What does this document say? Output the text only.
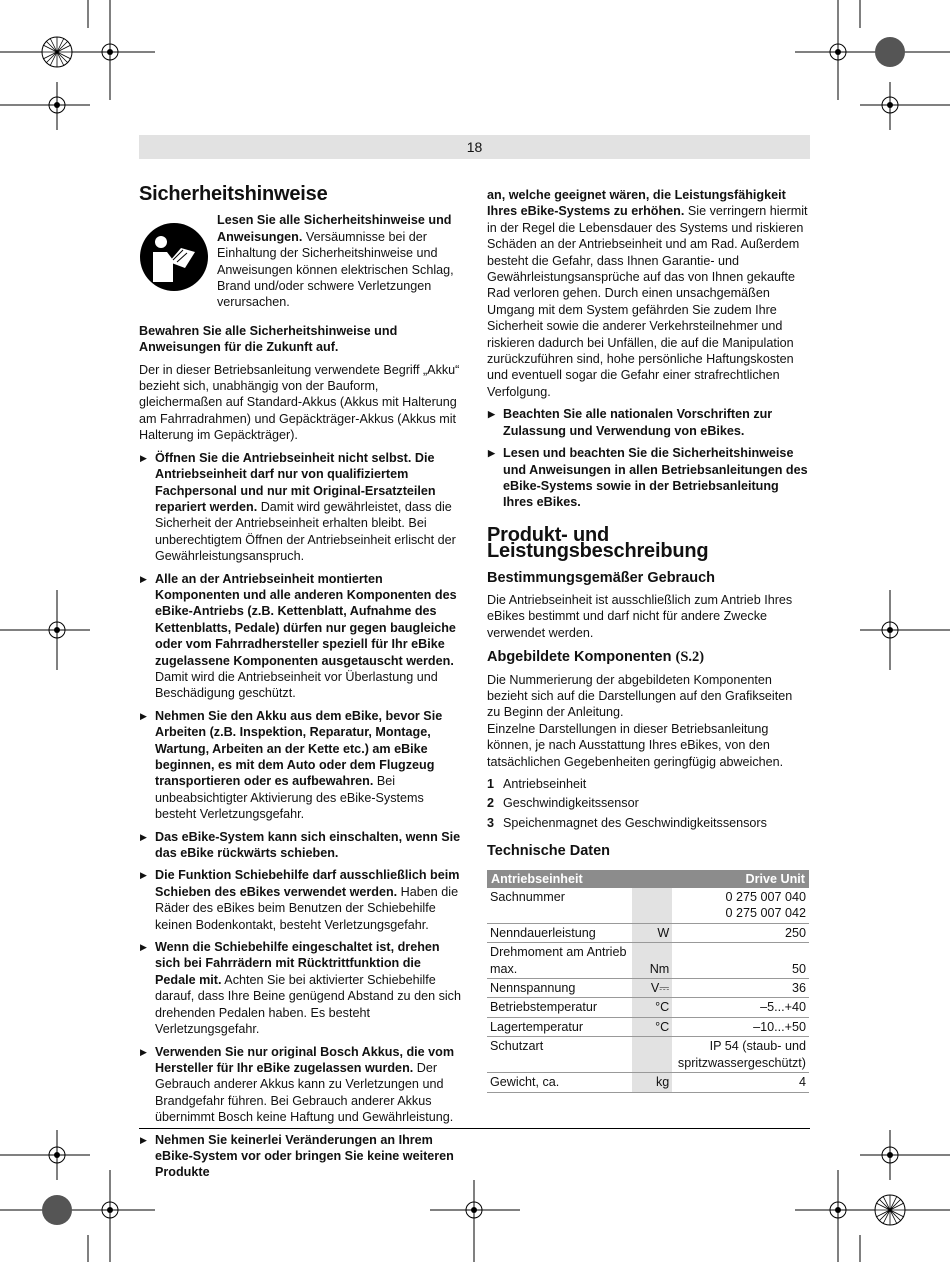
18
Sicherheitshinweise

Lesen Sie alle Sicherheitshinweise und Anweisungen. Versäumnisse bei der Einhaltung der Sicherheitshinweise und Anweisungen können elektrischen Schlag, Brand und/oder schwere Verletzungen verursachen.

Bewahren Sie alle Sicherheitshinweise und Anweisungen für die Zukunft auf.

Der in dieser Betriebsanleitung verwendete Begriff „Akku“ bezieht sich, unabhängig von der Bauform, gleichermaßen auf Standard-Akkus (Akkus mit Halterung am Fahrradrahmen) und Gepäckträger-Akkus (Akkus mit Halterung im Gepäckträger).

▶ Öffnen Sie die Antriebseinheit nicht selbst. Die Antriebseinheit darf nur von qualifiziertem Fachpersonal und nur mit Original-Ersatzteilen repariert werden. Damit wird gewährleistet, dass die Sicherheit der Antriebseinheit erhalten bleibt. Bei unberechtigtem Öffnen der Antriebseinheit erlischt der Gewährleistungsanspruch.
▶ Alle an der Antriebseinheit montierten Komponenten und alle anderen Komponenten des eBike-Antriebs (z.B. Kettenblatt, Aufnahme des Kettenblatts, Pedale) dürfen nur gegen baugleiche oder vom Fahrradhersteller speziell für Ihr eBike zugelassene Komponenten ausgetauscht werden. Damit wird die Antriebseinheit vor Überlastung und Beschädigung geschützt.
▶ Nehmen Sie den Akku aus dem eBike, bevor Sie Arbeiten (z.B. Inspektion, Reparatur, Montage, Wartung, Arbeiten an der Kette etc.) am eBike beginnen, es mit dem Auto oder dem Flugzeug transportieren oder es aufbewahren. Bei unbeabsichtigter Aktivierung des eBike-Systems besteht Verletzungsgefahr.
▶ Das eBike-System kann sich einschalten, wenn Sie das eBike rückwärts schieben.
▶ Die Funktion Schiebehilfe darf ausschließlich beim Schieben des eBikes verwendet werden. Haben die Räder des eBikes beim Benutzen der Schiebehilfe keinen Bodenkontakt, besteht Verletzungsgefahr.
▶ Wenn die Schiebehilfe eingeschaltet ist, drehen sich bei Fahrrädern mit Rücktrittfunktion die Pedale mit. Achten Sie bei aktivierter Schiebehilfe darauf, dass Ihre Beine genügend Abstand zu den sich drehenden Pedalen haben. Es besteht Verletzungsgefahr.
▶ Verwenden Sie nur original Bosch Akkus, die vom Hersteller für Ihr eBike zugelassen wurden. Der Gebrauch anderer Akkus kann zu Verletzungen und Brandgefahr führen. Bei Gebrauch anderer Akkus übernimmt Bosch keine Haftung und Gewährleistung.
▶ Nehmen Sie keinerlei Veränderungen an Ihrem eBike-System vor oder bringen Sie keine weiteren Produkte

an, welche geeignet wären, die Leistungsfähigkeit Ihres eBike-Systems zu erhöhen. Sie verringern hiermit in der Regel die Lebensdauer des Systems und riskieren Schäden an der Antriebseinheit und am Rad. Außerdem besteht die Gefahr, dass Ihnen Garantie- und Gewährleistungsansprüche auf das von Ihnen gekaufte Rad verloren gehen. Durch einen unsachgemäßen Umgang mit dem System gefährden Sie zudem Ihre Sicherheit sowie die anderer Verkehrsteilnehmer und riskieren dadurch bei Unfällen, die auf die Manipulation zurückzuführen sind, hohe persönliche Haftungskosten und eventuell sogar die Gefahr einer strafrechtlichen Verfolgung.

▶ Beachten Sie alle nationalen Vorschriften zur Zulassung und Verwendung von eBikes.
▶ Lesen und beachten Sie die Sicherheitshinweise und Anweisungen in allen Betriebsanleitungen des eBike-Systems sowie in der Betriebsanleitung Ihres eBikes.
Produkt- und Leistungsbeschreibung
Bestimmungsgemäßer Gebrauch

Die Antriebseinheit ist ausschließlich zum Antrieb Ihres eBikes bestimmt und darf nicht für andere Zwecke verwendet werden.

Abgebildete Komponenten (S.2)

Die Nummerierung der abgebildeten Komponenten bezieht sich auf die Darstellungen auf den Grafikseiten zu Beginn der Anleitung.

Einzelne Darstellungen in dieser Betriebsanleitung können, je nach Ausstattung Ihres eBikes, von den tatsächlichen Gegebenheiten geringfügig abweichen.

1 Antriebseinheit
2 Geschwindigkeitssensor
3 Speichenmagnet des Geschwindigkeitssensors
Technische Daten
Antriebseinheit		Drive Unit
Sachnummer		0 275 007 040
0 275 007 042
Nenndauerleistung	W	250
Drehmoment am Antrieb
max.	Nm	50
Nennspannung	V⎓	36
Betriebstemperatur	°C	–5...+40
Lagertemperatur	°C	–10...+50
Schutzart		IP 54 (staub- und
spritzwassergeschützt)
Gewicht, ca.	kg	4
